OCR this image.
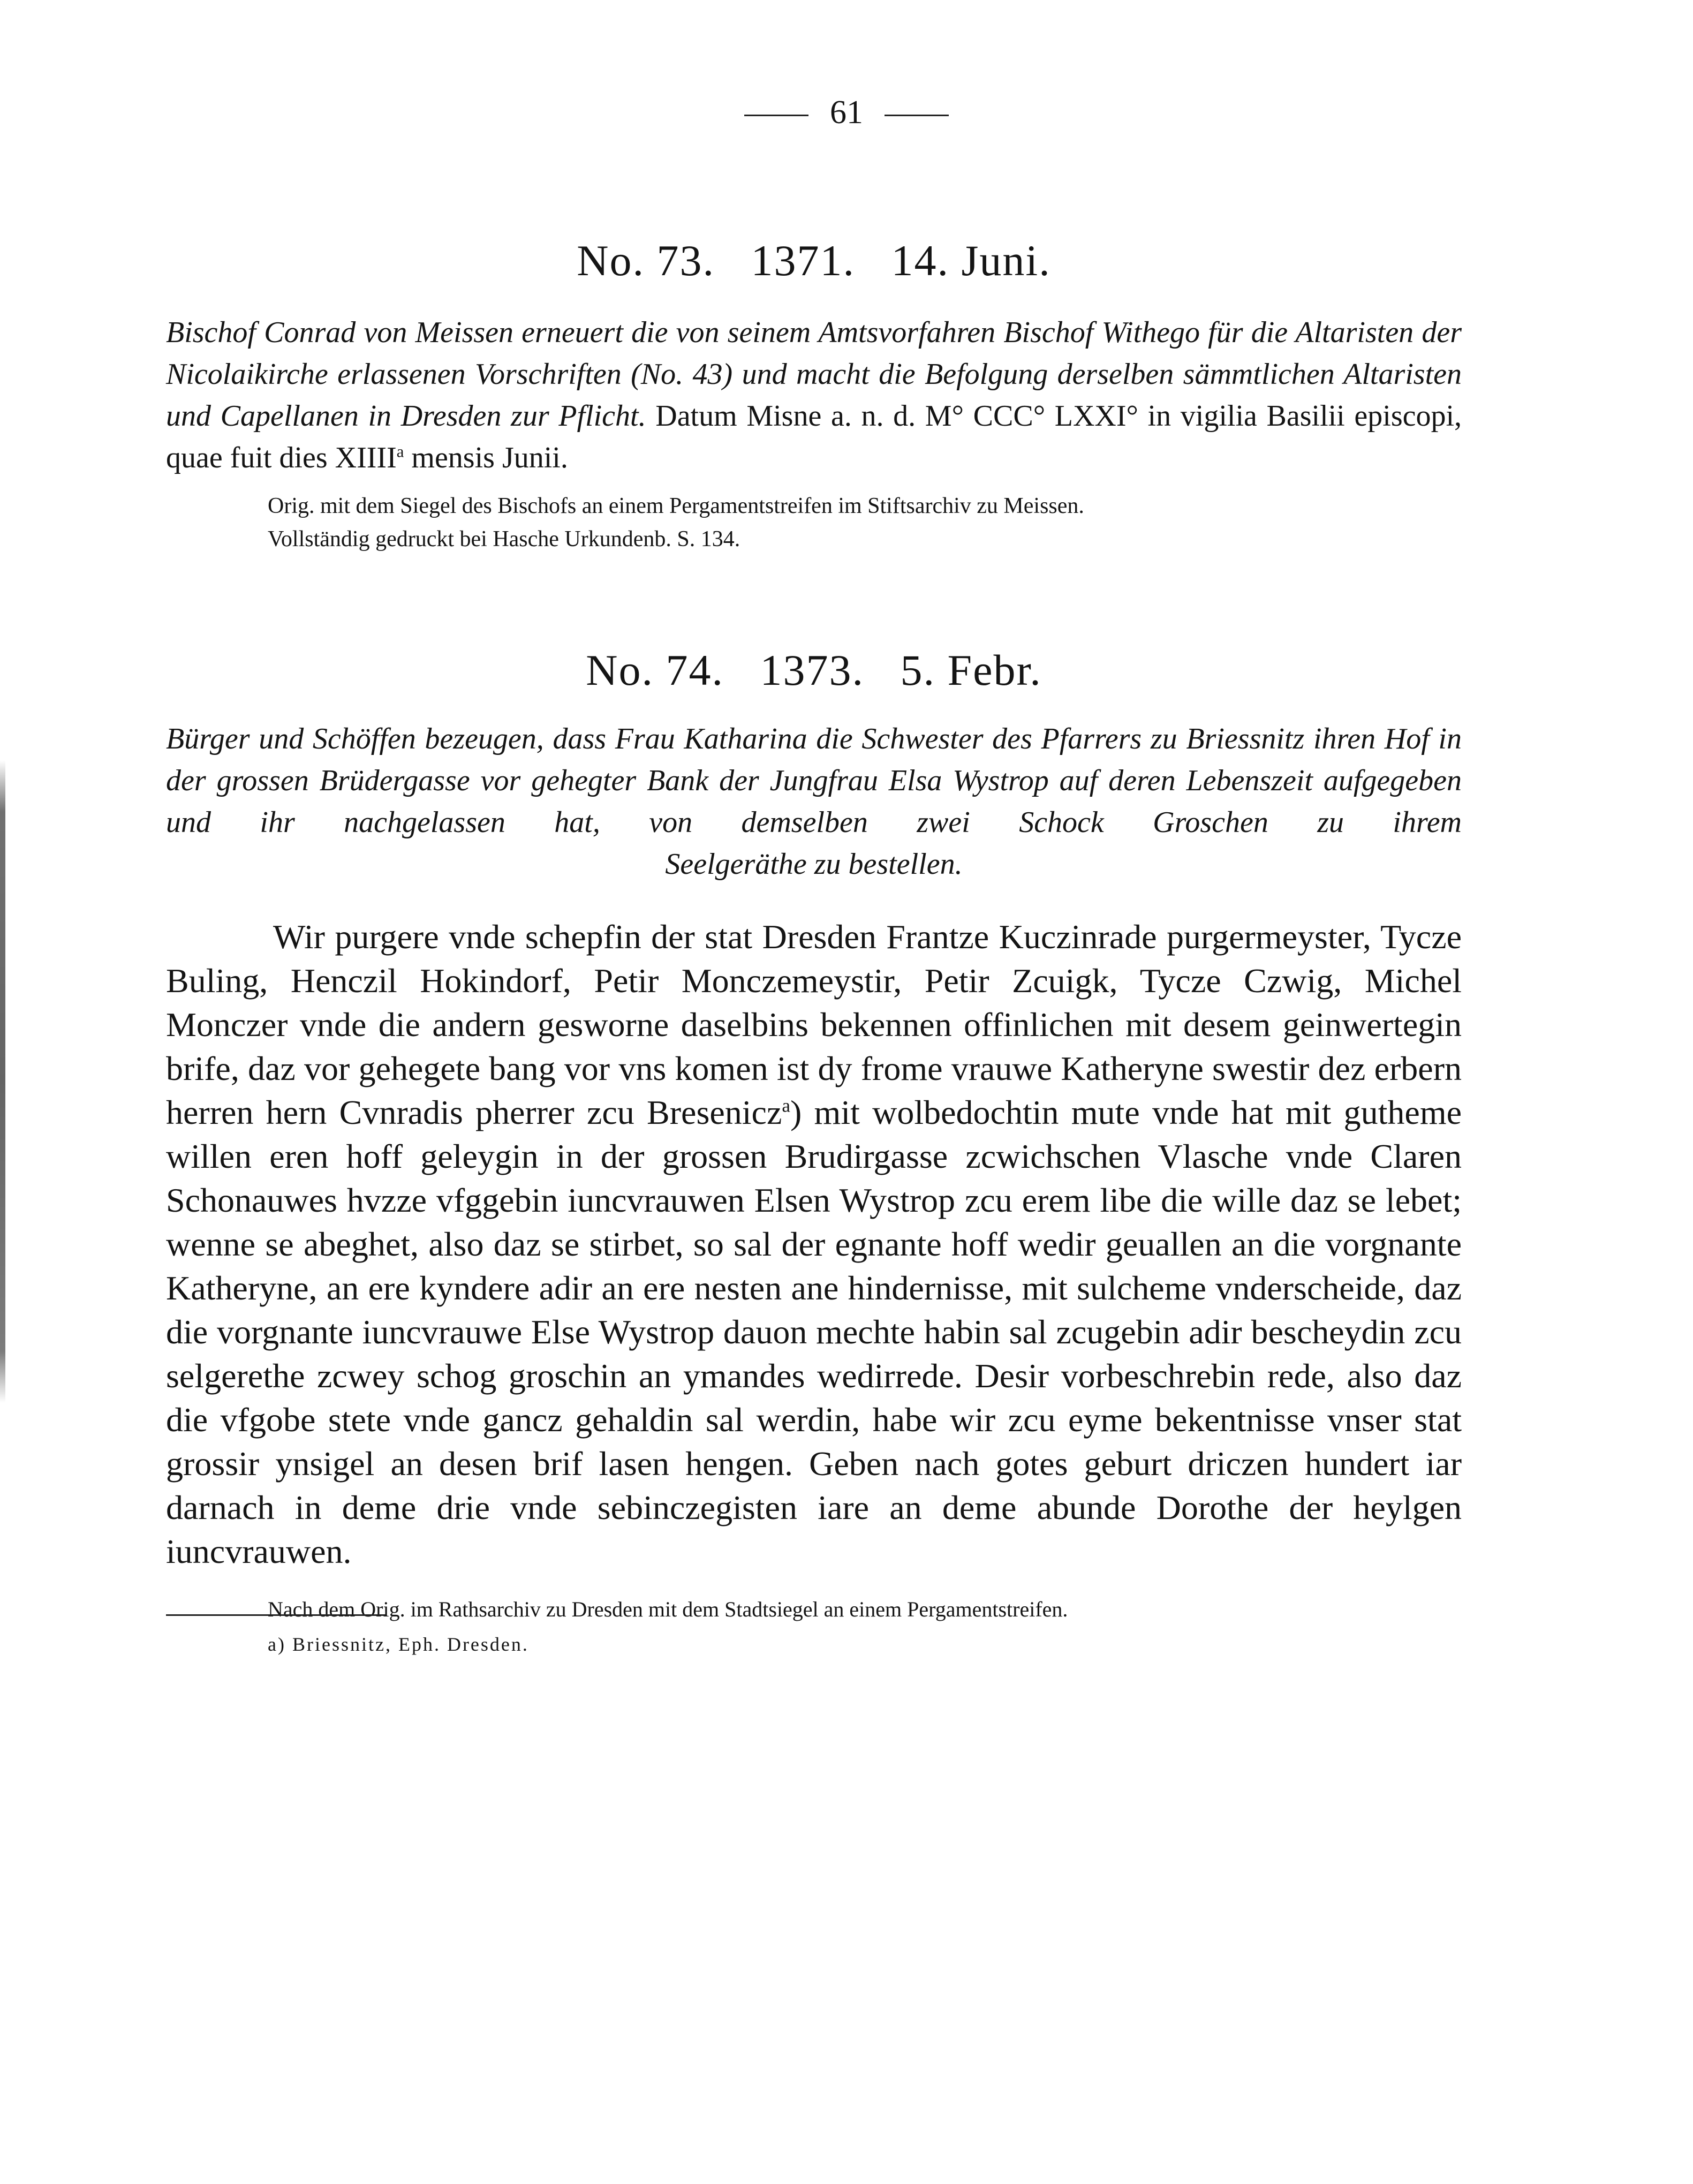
61
No. 73.   1371.   14. Juni.
Bischof Conrad von Meissen erneuert die von seinem Amtsvorfahren Bischof Withego für die Altaristen der Nicolaikirche erlassenen Vorschriften (No. 43) und macht die Befolgung derselben sämmtlichen Altaristen und Capellanen in Dresden zur Pflicht. Datum Misne a. n. d. M° CCC° LXXI° in vigilia Basilii episcopi, quae fuit dies XIIII$^a$ mensis Junii.
Orig. mit dem Siegel des Bischofs an einem Pergamentstreifen im Stiftsarchiv zu Meissen.
Vollständig gedruckt bei Hasche Urkundenb. S. 134.
No. 74.   1373.   5. Febr.
Bürger und Schöffen bezeugen, dass Frau Katharina die Schwester des Pfarrers zu Briessnitz ihren Hof in der grossen Brüdergasse vor gehegter Bank der Jungfrau Elsa Wystrop auf deren Lebenszeit aufgegeben und ihr nachgelassen hat, von demselben zwei Schock Groschen zu ihrem
Seelgeräthe zu bestellen.
Wir purgere vnde schepfin der stat Dresden Frantze Kuczinrade purgermeyster, Tycze Buling, Henczil Hokindorf, Petir Monczemeystir, Petir Zcuigk, Tycze Czwig, Michel Monczer vnde die andern gesworne daselbins bekennen offinlichen mit desem geinwertegin brife, daz vor gehegete bang vor vns komen ist dy frome vrauwe Katheryne swestir dez erbern herren hern Cvnradis pherrer zcu Bresenicz$^a$) mit wolbedochtin mute vnde hat mit gutheme willen eren hoff geleygin in der grossen Brudirgasse zcwichschen Vlasche vnde Claren Schonauwes hvzze vfggebin iuncvrauwen Elsen Wystrop zcu erem libe die wille daz se lebet; wenne se abeghet, also daz se stirbet, so sal der egnante hoff wedir geuallen an die vorgnante Katheryne, an ere kyndere adir an ere nesten ane hindernisse, mit sulcheme vnderscheide, daz die vorgnante iuncvrauwe Else Wystrop dauon mechte habin sal zcugebin adir bescheydin zcu selgerethe zcwey schog groschin an ymandes wedirrede. Desir vorbeschrebin rede, also daz die vfgobe stete vnde gancz gehaldin sal werdin, habe wir zcu eyme bekentnisse vnser stat grossir ynsigel an desen brif lasen hengen. Geben nach gotes geburt driczen hundert iar darnach in deme drie vnde sebinczegisten iare an deme abunde Dorothe der heylgen iuncvrauwen.
Nach dem Orig. im Rathsarchiv zu Dresden mit dem Stadtsiegel an einem Pergamentstreifen.
a) Briessnitz, Eph. Dresden.
